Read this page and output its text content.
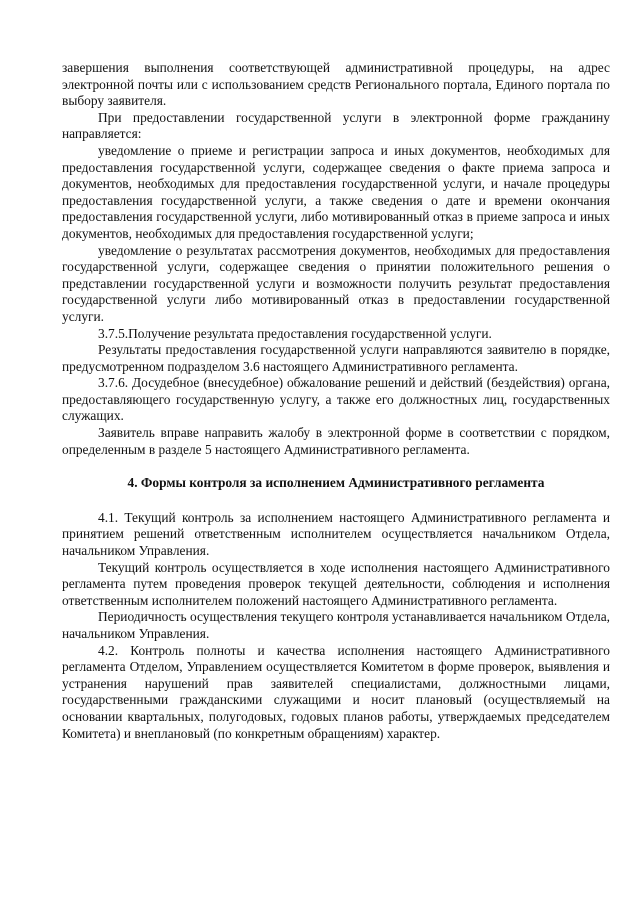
завершения выполнения соответствующей административной процедуры, на адрес электронной почты или с использованием средств Регионального портала, Единого портала по выбору заявителя.

При предоставлении государственной услуги в электронной форме гражданину направляется:

уведомление о приеме и регистрации запроса и иных документов, необходимых для предоставления государственной услуги, содержащее сведения о факте приема запроса и документов, необходимых для предоставления государственной услуги, и начале процедуры предоставления государственной услуги, а также сведения о дате и времени окончания предоставления государственной услуги, либо мотивированный отказ в приеме запроса и иных документов, необходимых для предоставления государственной услуги;

уведомление о результатах рассмотрения документов, необходимых для предоставления государственной услуги, содержащее сведения о принятии положительного решения о представлении государственной услуги и возможности получить результат предоставления государственной услуги либо мотивированный отказ в предоставлении государственной услуги.

3.7.5.Получение результата предоставления государственной услуги.

Результаты предоставления государственной услуги направляются заявителю в порядке, предусмотренном подразделом 3.6 настоящего Административного регламента.

3.7.6. Досудебное (внесудебное) обжалование решений и действий (бездействия) органа, предоставляющего государственную услугу, а также его должностных лиц, государственных служащих.

Заявитель вправе направить жалобу в электронной форме в соответствии с порядком, определенным в разделе 5 настоящего Административного регламента.

4. Формы контроля за исполнением Административного регламента

4.1. Текущий контроль за исполнением настоящего Административного регламента и принятием решений ответственным исполнителем осуществляется начальником Отдела, начальником Управления.

Текущий контроль осуществляется в ходе исполнения настоящего Административного регламента путем проведения проверок текущей деятельности, соблюдения и исполнения ответственным исполнителем положений настоящего Административного регламента.

Периодичность осуществления текущего контроля устанавливается начальником Отдела, начальником Управления.

4.2. Контроль полноты и качества исполнения настоящего Административного регламента Отделом, Управлением осуществляется Комитетом в форме проверок, выявления и устранения нарушений прав заявителей специалистами, должностными лицами, государственными гражданскими служащими и носит плановый (осуществляемый на основании квартальных, полугодовых, годовых планов работы, утверждаемых председателем Комитета) и внеплановый (по конкретным обращениям) характер.
